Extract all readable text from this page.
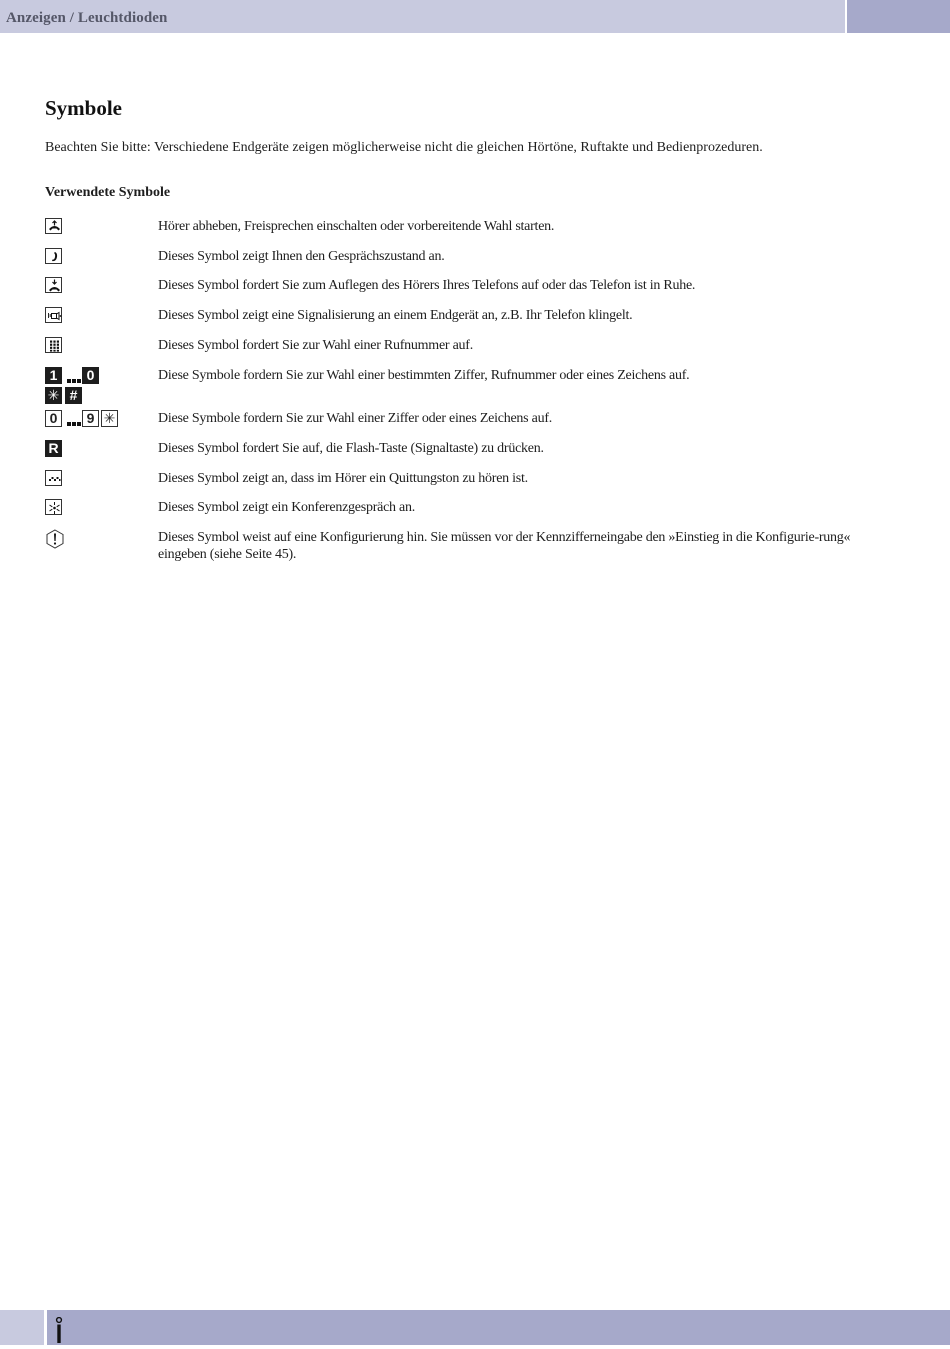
Anzeigen / Leuchtdioden
Symbole
Beachten Sie bitte: Verschiedene Endgeräte zeigen möglicherweise nicht die gleichen Hörtöne, Ruftakte und Bedienprozeduren.
Verwendete Symbole
Hörer abheben, Freisprechen einschalten oder vorbereitende Wahl starten.
Dieses Symbol zeigt Ihnen den Gesprächszustand an.
Dieses Symbol fordert Sie zum Auflegen des Hörers Ihres Telefons auf oder das Telefon ist in Ruhe.
Dieses Symbol zeigt eine Signalisierung an einem Endgerät an, z.B. Ihr Telefon klingelt.
Dieses Symbol fordert Sie zur Wahl einer Rufnummer auf.
1 0
✳ #
Diese Symbole fordern Sie zur Wahl einer bestimmten Ziffer, Rufnummer oder eines Zeichens auf.
0 9 ✳	Diese Symbole fordern Sie zur Wahl einer Ziffer oder eines Zeichens auf.
R	Dieses Symbol fordert Sie auf, die Flash-Taste (Signaltaste) zu drücken.
Dieses Symbol zeigt an, dass im Hörer ein Quittungston zu hören ist.
Dieses Symbol zeigt ein Konferenzgespräch an.
Dieses Symbol weist auf eine Konfigurierung hin. Sie müssen vor der Kennzifferneingabe den »Einstieg in die Konfigurie-rung« eingeben (siehe Seite 45).
